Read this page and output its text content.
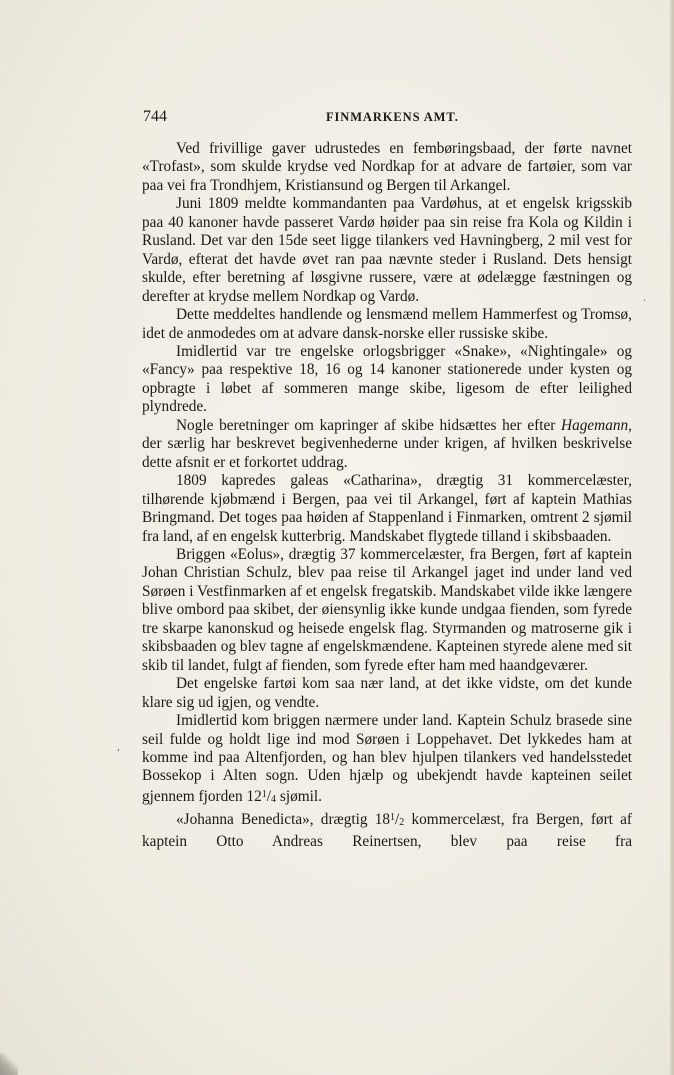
744	FINMARKENS AMT.

Ved frivillige gaver udrustedes en fembøringsbaad, der førte navnet «Trofast», som skulde krydse ved Nordkap for at advare de fartøier, som var paa vei fra Trondhjem, Kristiansund og Bergen til Arkangel.

Juni 1809 meldte kommandanten paa Vardøhus, at et engelsk krigsskib paa 40 kanoner havde passeret Vardø høider paa sin reise fra Kola og Kildin i Rusland. Det var den 15de seet ligge tilankers ved Havningberg, 2 mil vest for Vardø, efterat det havde øvet ran paa nævnte steder i Rusland. Dets hensigt skulde, efter beretning af løsgivne russere, være at ødelægge fæstningen og derefter at krydse mellem Nordkap og Vardø.

Dette meddeltes handlende og lensmænd mellem Hammerfest og Tromsø, idet de anmodedes om at advare dansk-norske eller russiske skibe.

Imidlertid var tre engelske orlogsbrigger «Snake», «Nightingale» og «Fancy» paa respektive 18, 16 og 14 kanoner stationerede under kysten og opbragte i løbet af sommeren mange skibe, ligesom de efter leilighed plyndrede.

Nogle beretninger om kapringer af skibe hidsættes her efter Hagemann, der særlig har beskrevet begivenhederne under krigen, af hvilken beskrivelse dette afsnit er et forkortet uddrag.

1809 kapredes galeas «Catharina», drægtig 31 kommercelæster, tilhørende kjøbmænd i Bergen, paa vei til Arkangel, ført af kaptein Mathias Bringmand. Det toges paa høiden af Stappenland i Finmarken, omtrent 2 sjømil fra land, af en engelsk kutterbrig. Mandskabet flygtede tilland i skibsbaaden.

Briggen «Eolus», drægtig 37 kommercelæster, fra Bergen, ført af kaptein Johan Christian Schulz, blev paa reise til Arkangel jaget ind under land ved Sørøen i Vestfinmarken af et engelsk fregatskib. Mandskabet vilde ikke længere blive ombord paa skibet, der øiensynlig ikke kunde undgaa fienden, som fyrede tre skarpe kanonskud og heisede engelsk flag. Styrmanden og matroserne gik i skibsbaaden og blev tagne af engelskmændene. Kapteinen styrede alene med sit skib til landet, fulgt af fienden, som fyrede efter ham med haandgeværer.

Det engelske fartøi kom saa nær land, at det ikke vidste, om det kunde klare sig ud igjen, og vendte.

Imidlertid kom briggen nærmere under land. Kaptein Schulz brasede sine seil fulde og holdt lige ind mod Sørøen i Loppehavet. Det lykkedes ham at komme ind paa Altenfjorden, og han blev hjulpen tilankers ved handelsstedet Bossekop i Alten sogn. Uden hjælp og ubekjendt havde kapteinen seilet gjennem fjorden $12^1/4$ sjømil.

«Johanna Benedicta», drægtig $18^1/2$ kommercelæst, fra Bergen, ført af kaptein Otto Andreas Reinertsen, blev paa reise fra

,
·
